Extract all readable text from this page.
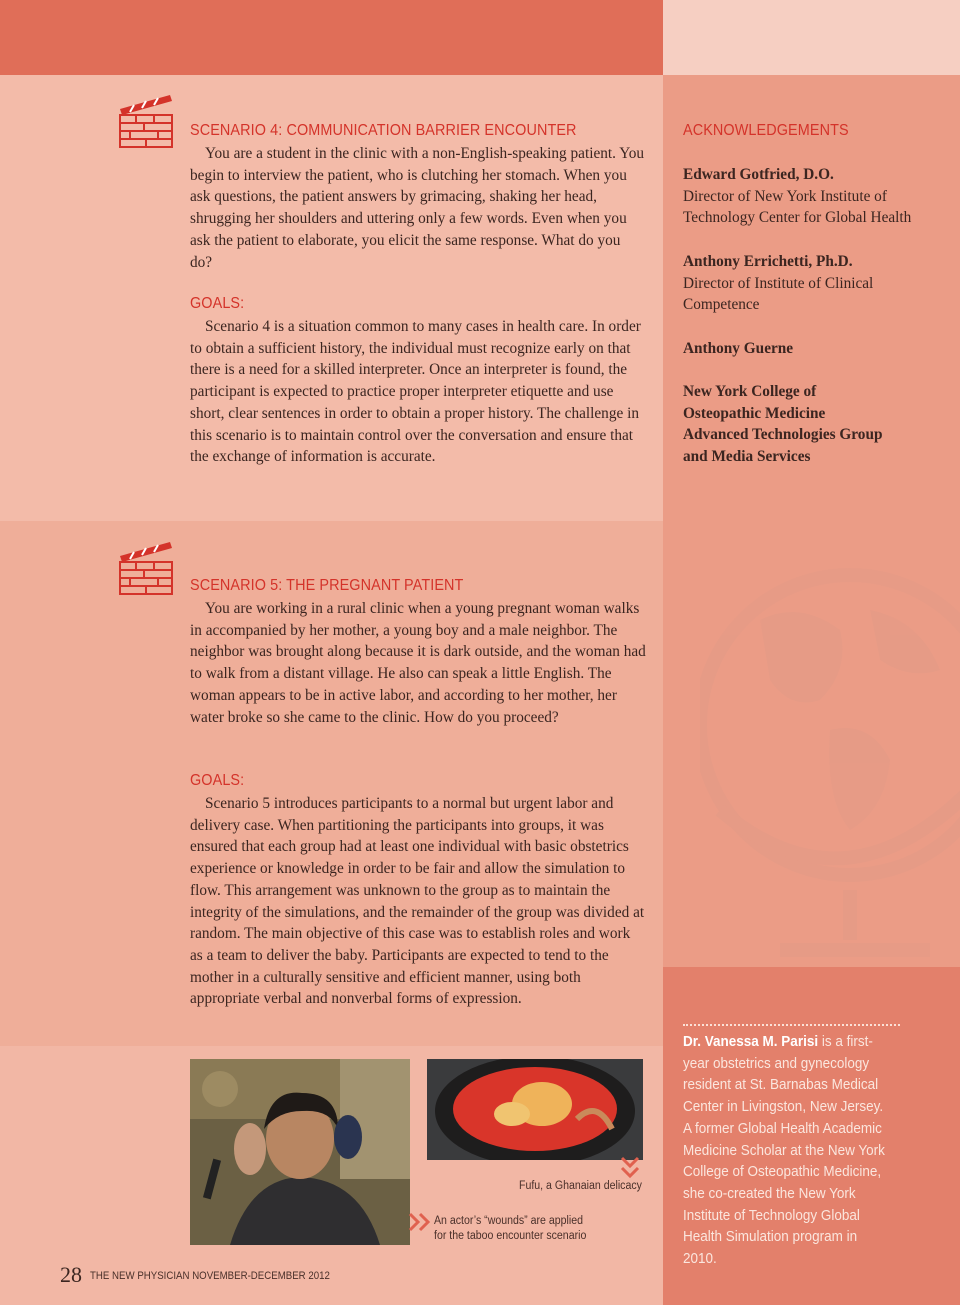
SCENARIO 4: COMMUNICATION BARRIER ENCOUNTER

You are a student in the clinic with a non-English-speaking patient. You begin to interview the patient, who is clutching her stomach. When you ask questions, the patient answers by grimacing, shaking her head, shrugging her shoulders and uttering only a few words. Even when you ask the patient to elaborate, you elicit the same response. What do you do?

GOALS:

Scenario 4 is a situation common to many cases in health care. In order to obtain a sufficient history, the individual must recognize early on that there is a need for a skilled interpreter. Once an interpreter is found, the participant is expected to practice proper interpreter etiquette and use short, clear sentences in order to obtain a proper history. The challenge in this scenario is to maintain control over the conversation and ensure that the exchange of information is accurate.

SCENARIO 5: THE PREGNANT PATIENT

You are working in a rural clinic when a young pregnant woman walks in accompanied by her mother, a young boy and a male neighbor. The neighbor was brought along because it is dark outside, and the woman had to walk from a distant village. He also can speak a little English. The woman appears to be in active labor, and according to her mother, her water broke so she came to the clinic. How do you proceed?

GOALS:

Scenario 5 introduces participants to a normal but urgent labor and delivery case. When partitioning the participants into groups, it was ensured that each group had at least one individual with basic obstetrics experience or knowledge in order to be fair and allow the simulation to flow. This arrangement was unknown to the group as to maintain the integrity of the simulations, and the remainder of the group was divided at random. The main objective of this case was to establish roles and work as a team to deliver the baby. Participants are expected to tend to the mother in a culturally sensitive and efficient manner, using both appropriate verbal and nonverbal forms of expression.

ACKNOWLEDGEMENTS
Edward Gotfried, D.O.
Director of New York Institute of Technology Center for Global Health
Anthony Errichetti, Ph.D.
Director of Institute of Clinical Competence
Anthony Guerne
New York College of Osteopathic Medicine Advanced Technologies Group and Media Services
Fufu, a Ghanaian delicacy
An actor’s “wounds” are applied
for the taboo encounter scenario
Dr. Vanessa M. Parisi is a first-year obstetrics and gynecology resident at St. Barnabas Medical Center in Livingston, New Jersey. A former Global Health Academic Medicine Scholar at the New York College of Osteopathic Medicine, she co-created the New York Institute of Technology Global Health Simulation program in 2010.
28 THE NEW PHYSICIAN NOVEMBER-DECEMBER 2012
